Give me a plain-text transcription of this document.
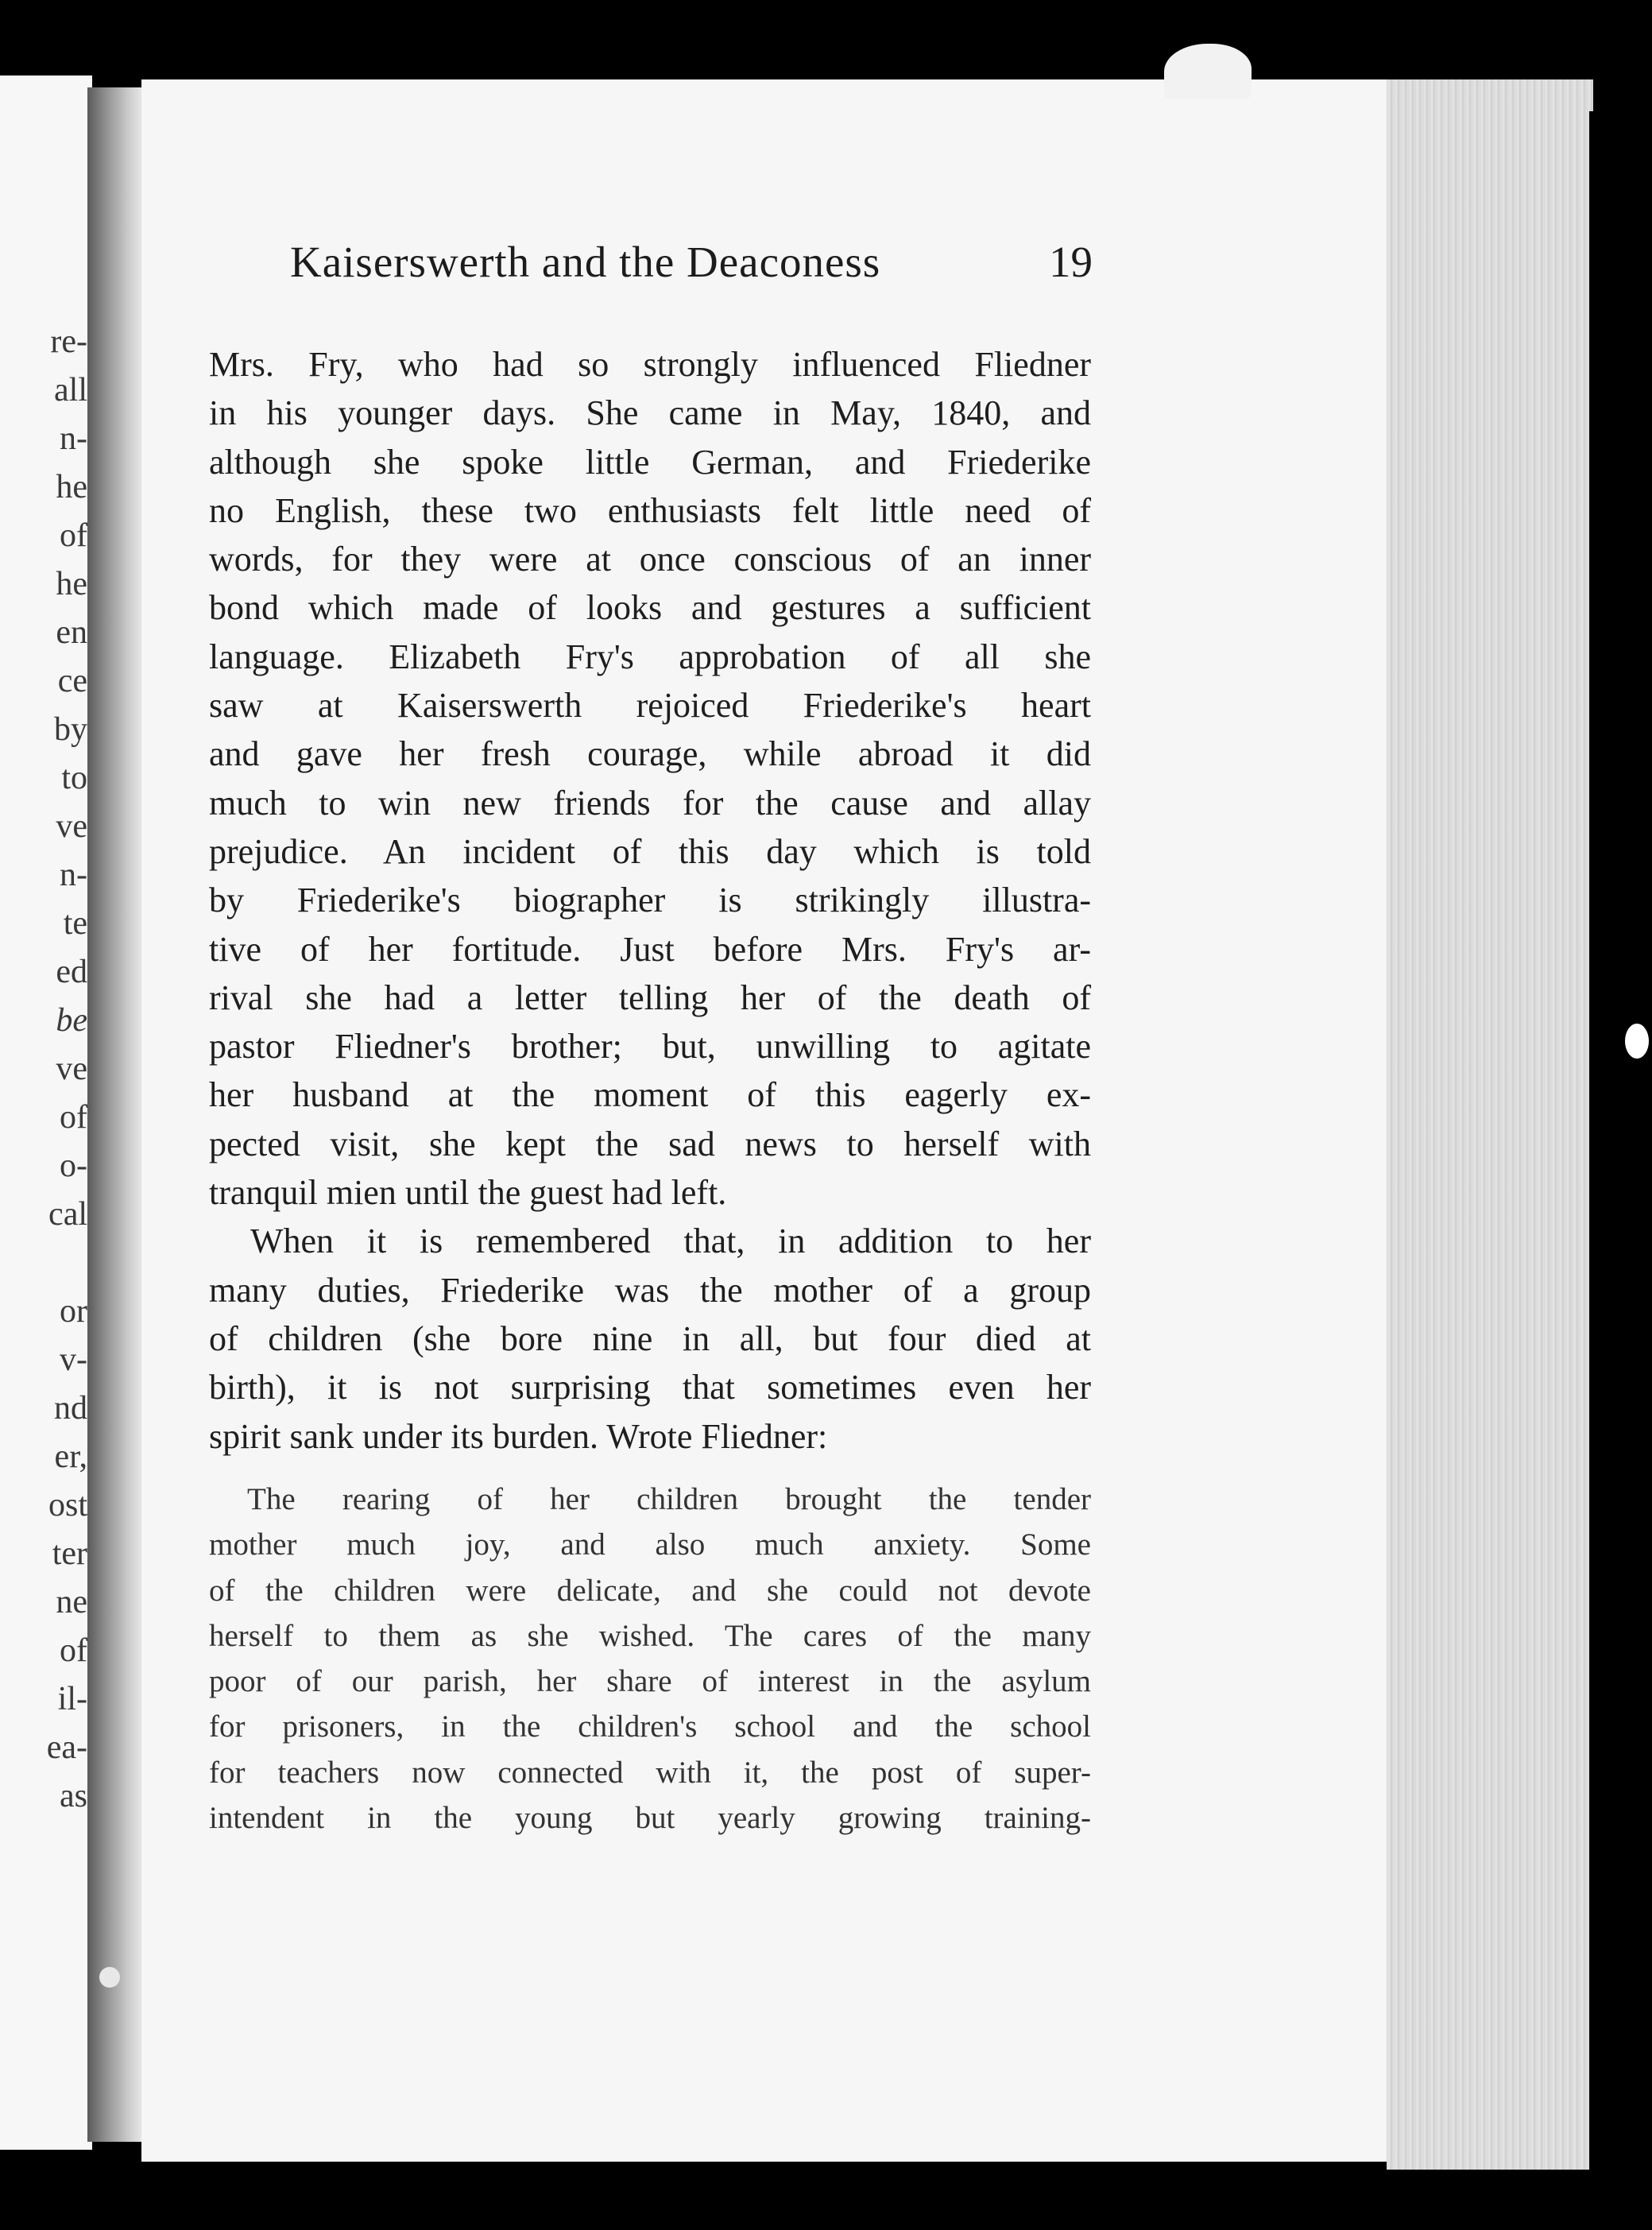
re-
all
n-
he
of
he
en
ce
by
to
ve
n-
te
ed
be
ve
of
o-
cal
or
v-
nd
er,
ost
ter
ne
of
il-
ea-
as
Kaiserswerth and the Deaconess	19
Mrs. Fry, who had so strongly influenced Fliedner
in his younger days. She came in May, 1840, and
although she spoke little German, and Friederike
no English, these two enthusiasts felt little need of
words, for they were at once conscious of an inner
bond which made of looks and gestures a sufficient
language. Elizabeth Fry's approbation of all she
saw at Kaiserswerth rejoiced Friederike's heart
and gave her fresh courage, while abroad it did
much to win new friends for the cause and allay
prejudice. An incident of this day which is told
by Friederike's biographer is strikingly illustra-
tive of her fortitude. Just before Mrs. Fry's ar-
rival she had a letter telling her of the death of
pastor Fliedner's brother; but, unwilling to agitate
her husband at the moment of this eagerly ex-
pected visit, she kept the sad news to herself with
tranquil mien until the guest had left.
When it is remembered that, in addition to her
many duties, Friederike was the mother of a group
of children (she bore nine in all, but four died at
birth), it is not surprising that sometimes even her
spirit sank under its burden. Wrote Fliedner:
The rearing of her children brought the tender
mother much joy, and also much anxiety. Some
of the children were delicate, and she could not devote
herself to them as she wished. The cares of the many
poor of our parish, her share of interest in the asylum
for prisoners, in the children's school and the school
for teachers now connected with it, the post of super-
intendent in the young but yearly growing training-
